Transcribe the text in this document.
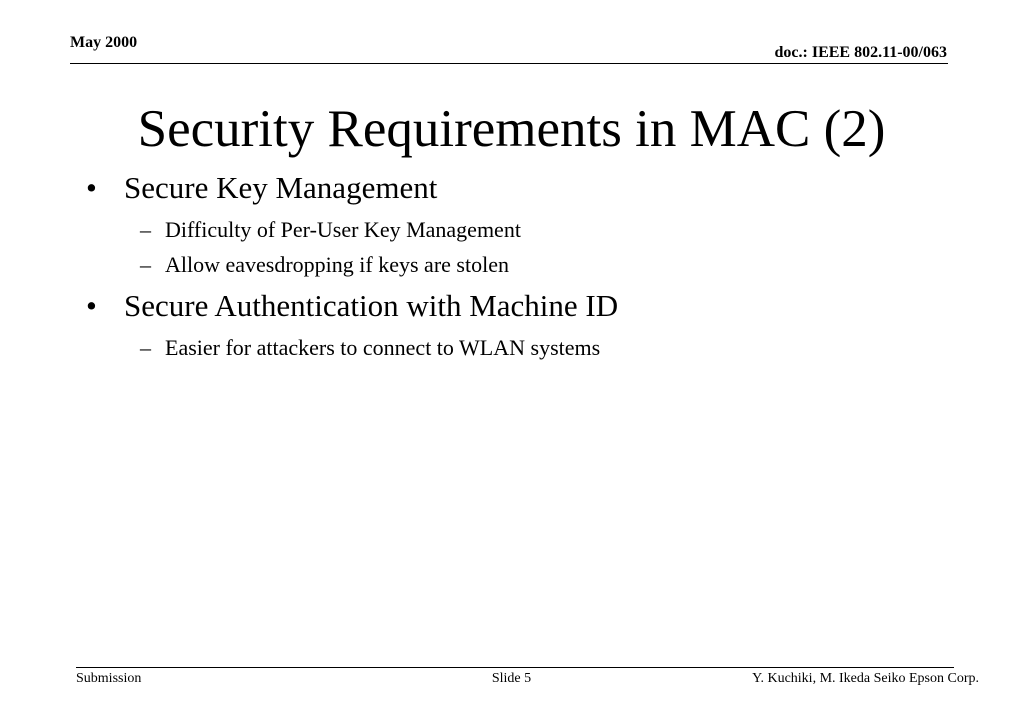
May 2000
doc.: IEEE 802.11-00/063
Security Requirements in MAC (2)
• Secure Key Management
– Difficulty of Per-User Key Management
– Allow eavesdropping if keys are stolen
• Secure Authentication with Machine ID
– Easier for attackers to connect to WLAN systems
Submission	Slide 5	Y. Kuchiki, M. Ikeda Seiko Epson Corp.
